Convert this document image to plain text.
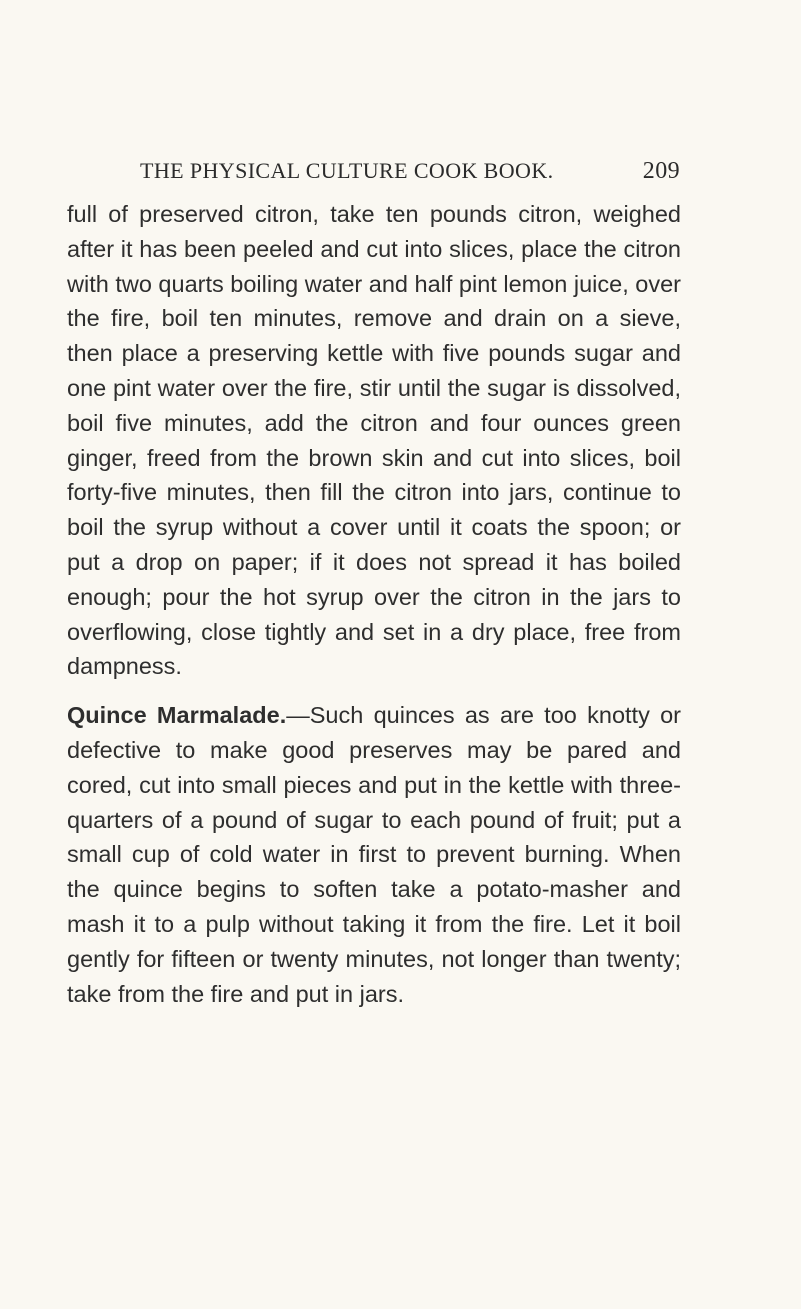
THE PHYSICAL CULTURE COOK BOOK.	209

full of preserved citron, take ten pounds citron, weighed after it has been peeled and cut into slices, place the citron with two quarts boiling water and half pint lemon juice, over the fire, boil ten minutes, remove and drain on a sieve, then place a preserving kettle with five pounds sugar and one pint water over the fire, stir until the sugar is dissolved, boil five minutes, add the citron and four ounces green ginger, freed from the brown skin and cut into slices, boil forty-five minutes, then fill the citron into jars, continue to boil the syrup without a cover until it coats the spoon; or put a drop on paper; if it does not spread it has boiled enough; pour the hot syrup over the citron in the jars to overflowing, close tightly and set in a dry place, free from dampness.

Quince Marmalade.—Such quinces as are too knotty or defective to make good preserves may be pared and cored, cut into small pieces and put in the kettle with three-quarters of a pound of sugar to each pound of fruit; put a small cup of cold water in first to prevent burning. When the quince begins to soften take a potato-masher and mash it to a pulp without taking it from the fire. Let it boil gently for fifteen or twenty minutes, not longer than twenty; take from the fire and put in jars.
